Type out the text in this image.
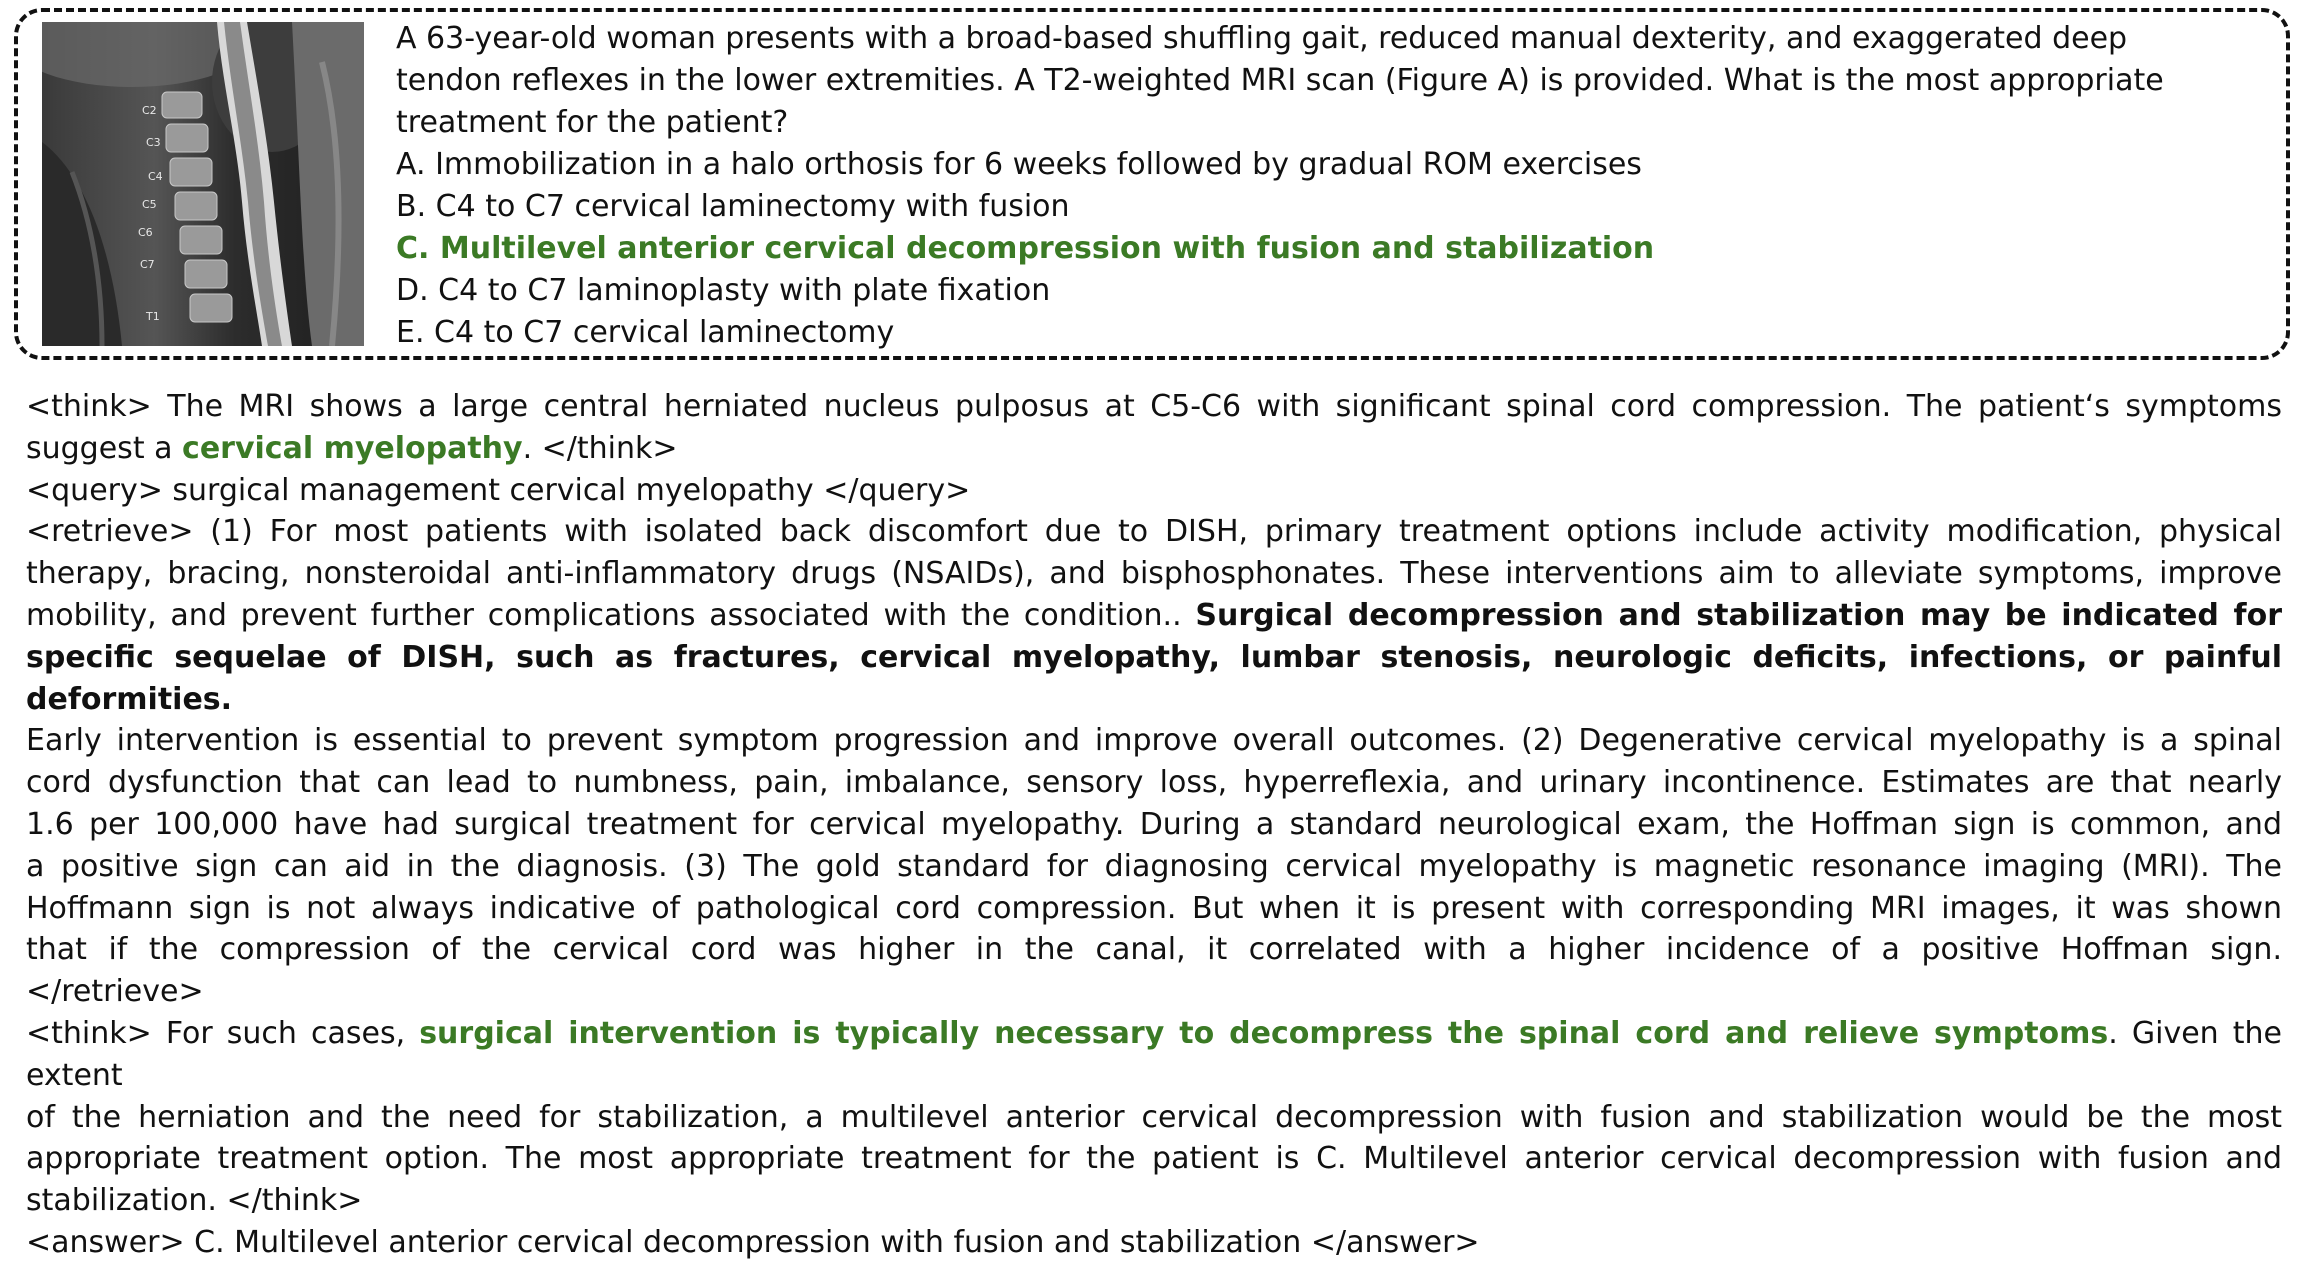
C2
C3
C4
C5
C6
C7
T1
A 63-year-old woman presents with a broad-based shuffling gait, reduced manual dexterity, and exaggerated deep
tendon reflexes in the lower extremities. A T2-weighted MRI scan (Figure A) is provided. What is the most appropriate
treatment for the patient?
A. Immobilization in a halo orthosis for 6 weeks followed by gradual ROM exercises
B. C4 to C7 cervical laminectomy with fusion
C. Multilevel anterior cervical decompression with fusion and stabilization
D. C4 to C7 laminoplasty with plate fixation
E. C4 to C7 cervical laminectomy
<think> The MRI shows a large central herniated nucleus pulposus at C5-C6 with significant spinal cord compression. The patient‘s symptoms
suggest a cervical myelopathy. </think>
<query> surgical management cervical myelopathy </query>
<retrieve> (1) For most patients with isolated back discomfort due to DISH, primary treatment options include activity modification, physical
therapy, bracing, nonsteroidal anti-inflammatory drugs (NSAIDs), and bisphosphonates. These interventions aim to alleviate symptoms, improve
mobility, and prevent further complications associated with the condition.. Surgical decompression and stabilization may be indicated for
specific sequelae of DISH, such as fractures, cervical myelopathy, lumbar stenosis, neurologic deficits, infections, or painful deformities.
Early intervention is essential to prevent symptom progression and improve overall outcomes. (2) Degenerative cervical myelopathy is a spinal
cord dysfunction that can lead to numbness, pain, imbalance, sensory loss, hyperreflexia, and urinary incontinence. Estimates are that nearly
1.6 per 100,000 have had surgical treatment for cervical myelopathy. During a standard neurological exam, the Hoffman sign is common, and
a positive sign can aid in the diagnosis. (3) The gold standard for diagnosing cervical myelopathy is magnetic resonance imaging (MRI). The
Hoffmann sign is not always indicative of pathological cord compression. But when it is present with corresponding MRI images, it was shown
that if the compression of the cervical cord was higher in the canal, it correlated with a higher incidence of a positive Hoffman sign.
</retrieve>
<think> For such cases, surgical intervention is typically necessary to decompress the spinal cord and relieve symptoms. Given the extent
of the herniation and the need for stabilization, a multilevel anterior cervical decompression with fusion and stabilization would be the most
appropriate treatment option. The most appropriate treatment for the patient is C. Multilevel anterior cervical decompression with fusion and
stabilization. </think>
<answer> C. Multilevel anterior cervical decompression with fusion and stabilization </answer>
